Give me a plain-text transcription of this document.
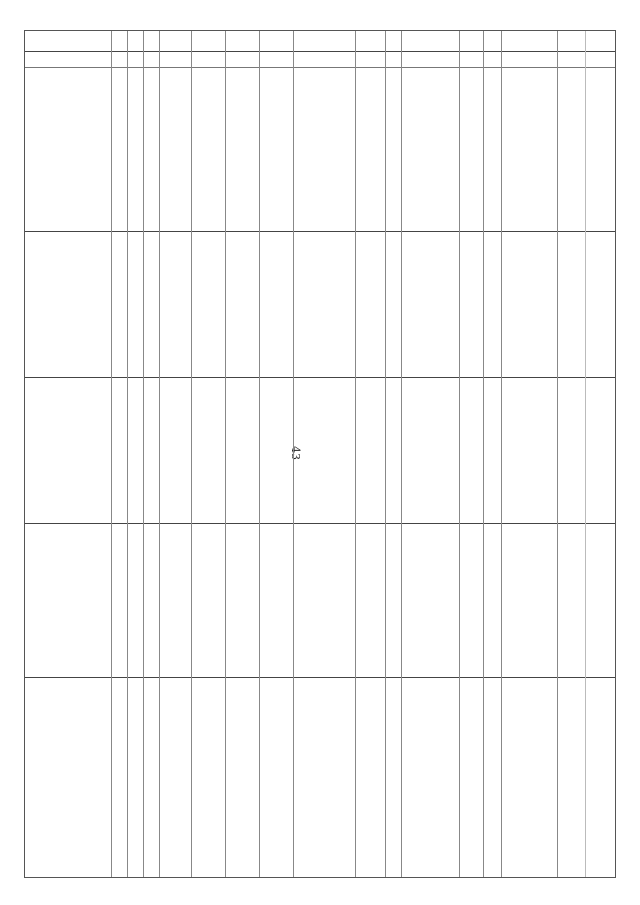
43
